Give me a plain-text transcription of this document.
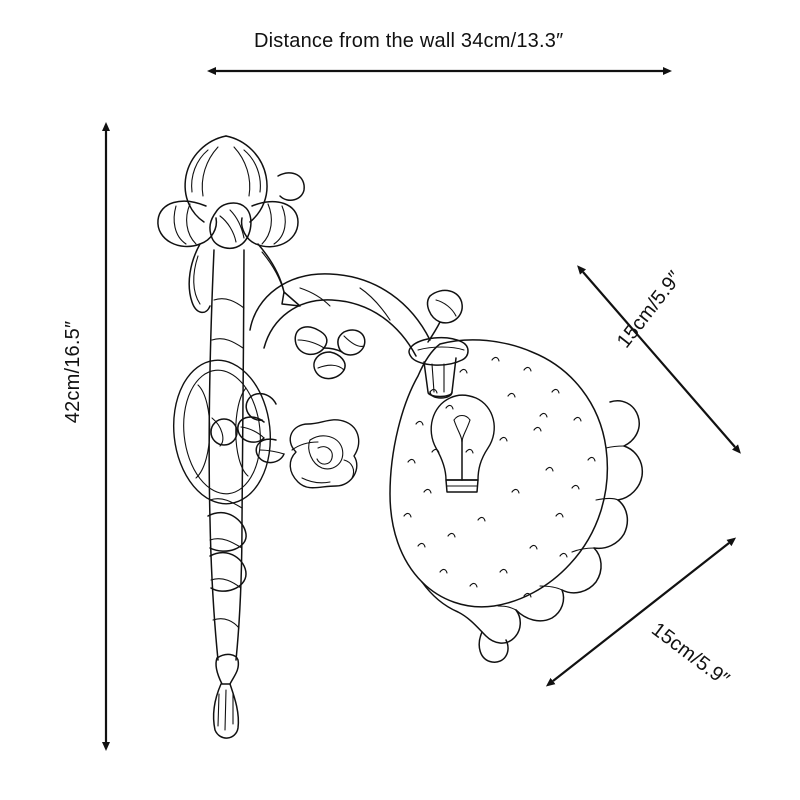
Distance from the wall 34cm/13.3″
42cm/16.5″
15cm/5.9″
15cm/5.9″
